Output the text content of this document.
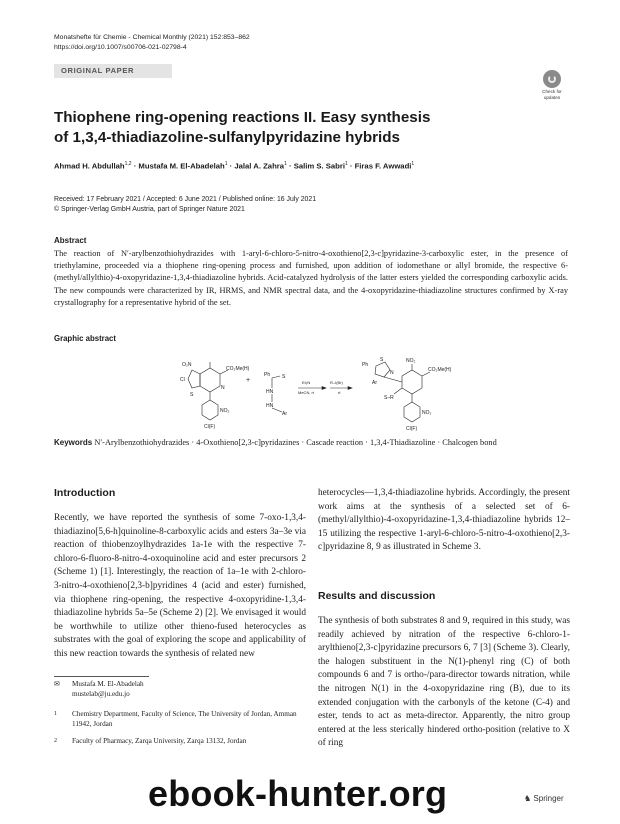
Monatshefte für Chemie - Chemical Monthly (2021) 152:853–862
https://doi.org/10.1007/s00706-021-02798-4
ORIGINAL PAPER
Check for
updates
Thiophene ring-opening reactions II. Easy synthesis
of 1,3,4-thiadiazoline-sulfanylpyridazine hybrids
Ahmad H. Abdullah$^{1,2}$ · Mustafa M. El-Abadelah$^1$ · Jalal A. Zahra$^1$ · Salim S. Sabri$^1$ · Firas F. Awwadi$^1$
Received: 17 February 2021 / Accepted: 6 June 2021 / Published online: 16 July 2021
© Springer-Verlag GmbH Austria, part of Springer Nature 2021
Abstract
The reaction of N′-arylbenzothiohydrazides with 1-aryl-6-chloro-5-nitro-4-oxothieno[2,3-c]pyridazine-3-carboxylic ester, in the presence of triethylamine, proceeded via a thiophene ring-opening process and furnished, upon addition of iodomethane or allyl bromide, the respective 6-(methyl/allylthio)-4-oxopyridazine-1,3,4-thiadiazoline hybrids. Acid-catalyzed hydrolysis of the latter esters yielded the corresponding carboxylic acids. The new compounds were characterized by IR, HRMS, and NMR spectral data, and the 4-oxopyridazine-thiadiazoline structures confirmed by X-ray crystallography for a representative hybrid of the set.
Graphic abstract
O₂N
Cl
CO₂Me(H)
N
S
NO₂
Cl(F)
+
Ph S
HN
HN
Ar
Et₃N
MeCN, rt
R–I(Br)
rt
Ph
S
N
Ar
NO₂
CO₂Me(H)
S–R
NO₂
Cl(F)
Keywords N′-Arylbenzothiohydrazides · 4-Oxothieno[2,3-c]pyridazines · Cascade reaction · 1,3,4-Thiadiazoline · Chalcogen bond
Introduction

Recently, we have reported the synthesis of some 7-oxo-1,3,4-thiadiazino[5,6-h]quinoline-8-carboxylic acids and esters 3a–3e via reaction of thiobenzoylhydrazides 1a-1e with the respective 7-chloro-6-fluoro-8-nitro-4-oxoquinoline acid and ester precursors 2 (Scheme 1) [1]. Interestingly, the reaction of 1a–1e with 2-chloro-3-nitro-4-oxothieno[2,3-b]pyridines 4 (acid and ester) furnished, via thiophene ring-opening, the respective 4-oxopyridine-1,3,4-thiadiazoline hybrids 5a–5e (Scheme 2) [2]. We envisaged it would be worthwhile to utilize other thieno-fused heterocycles as substrates with the goal of exploring the scope and applicability of this new reaction towards the synthesis of related new

✉ Mustafa M. El-Abadelah
mustelab@ju.edu.jo
1	Chemistry Department, Faculty of Science, The University of Jordan, Amman 11942, Jordan
2	Faculty of Pharmacy, Zarqa University, Zarqa 13132, Jordan

heterocycles—1,3,4-thiadiazoline hybrids. Accordingly, the present work aims at the synthesis of a selected set of 6-(methyl/allylthio)-4-oxopyridazine-1,3,4-thiadiazoline hybrids 12–15 utilizing the respective 1-aryl-6-chloro-5-nitro-4-oxothieno[2,3-c]pyridazine 8, 9 as illustrated in Scheme 3.

Results and discussion

The synthesis of both substrates 8 and 9, required in this study, was readily achieved by nitration of the respective 6-chloro-1-arylthieno[2,3-c]pyridazine precursors 6, 7 [3] (Scheme 3). Clearly, the halogen substituent in the N(1)-phenyl ring (C) of both compounds 6 and 7 is ortho-/para-director towards nitration, while the nitrogen N(1) in the 4-oxopyridazine ring (B), due to its extended conjugation with the carbonyls of the ketone (C-4) and ester, tends to act as meta-director. Apparently, the nitro group entered at the less sterically hindered ortho-position (relative to X of ring

♞ Springer
ebook-hunter.org
